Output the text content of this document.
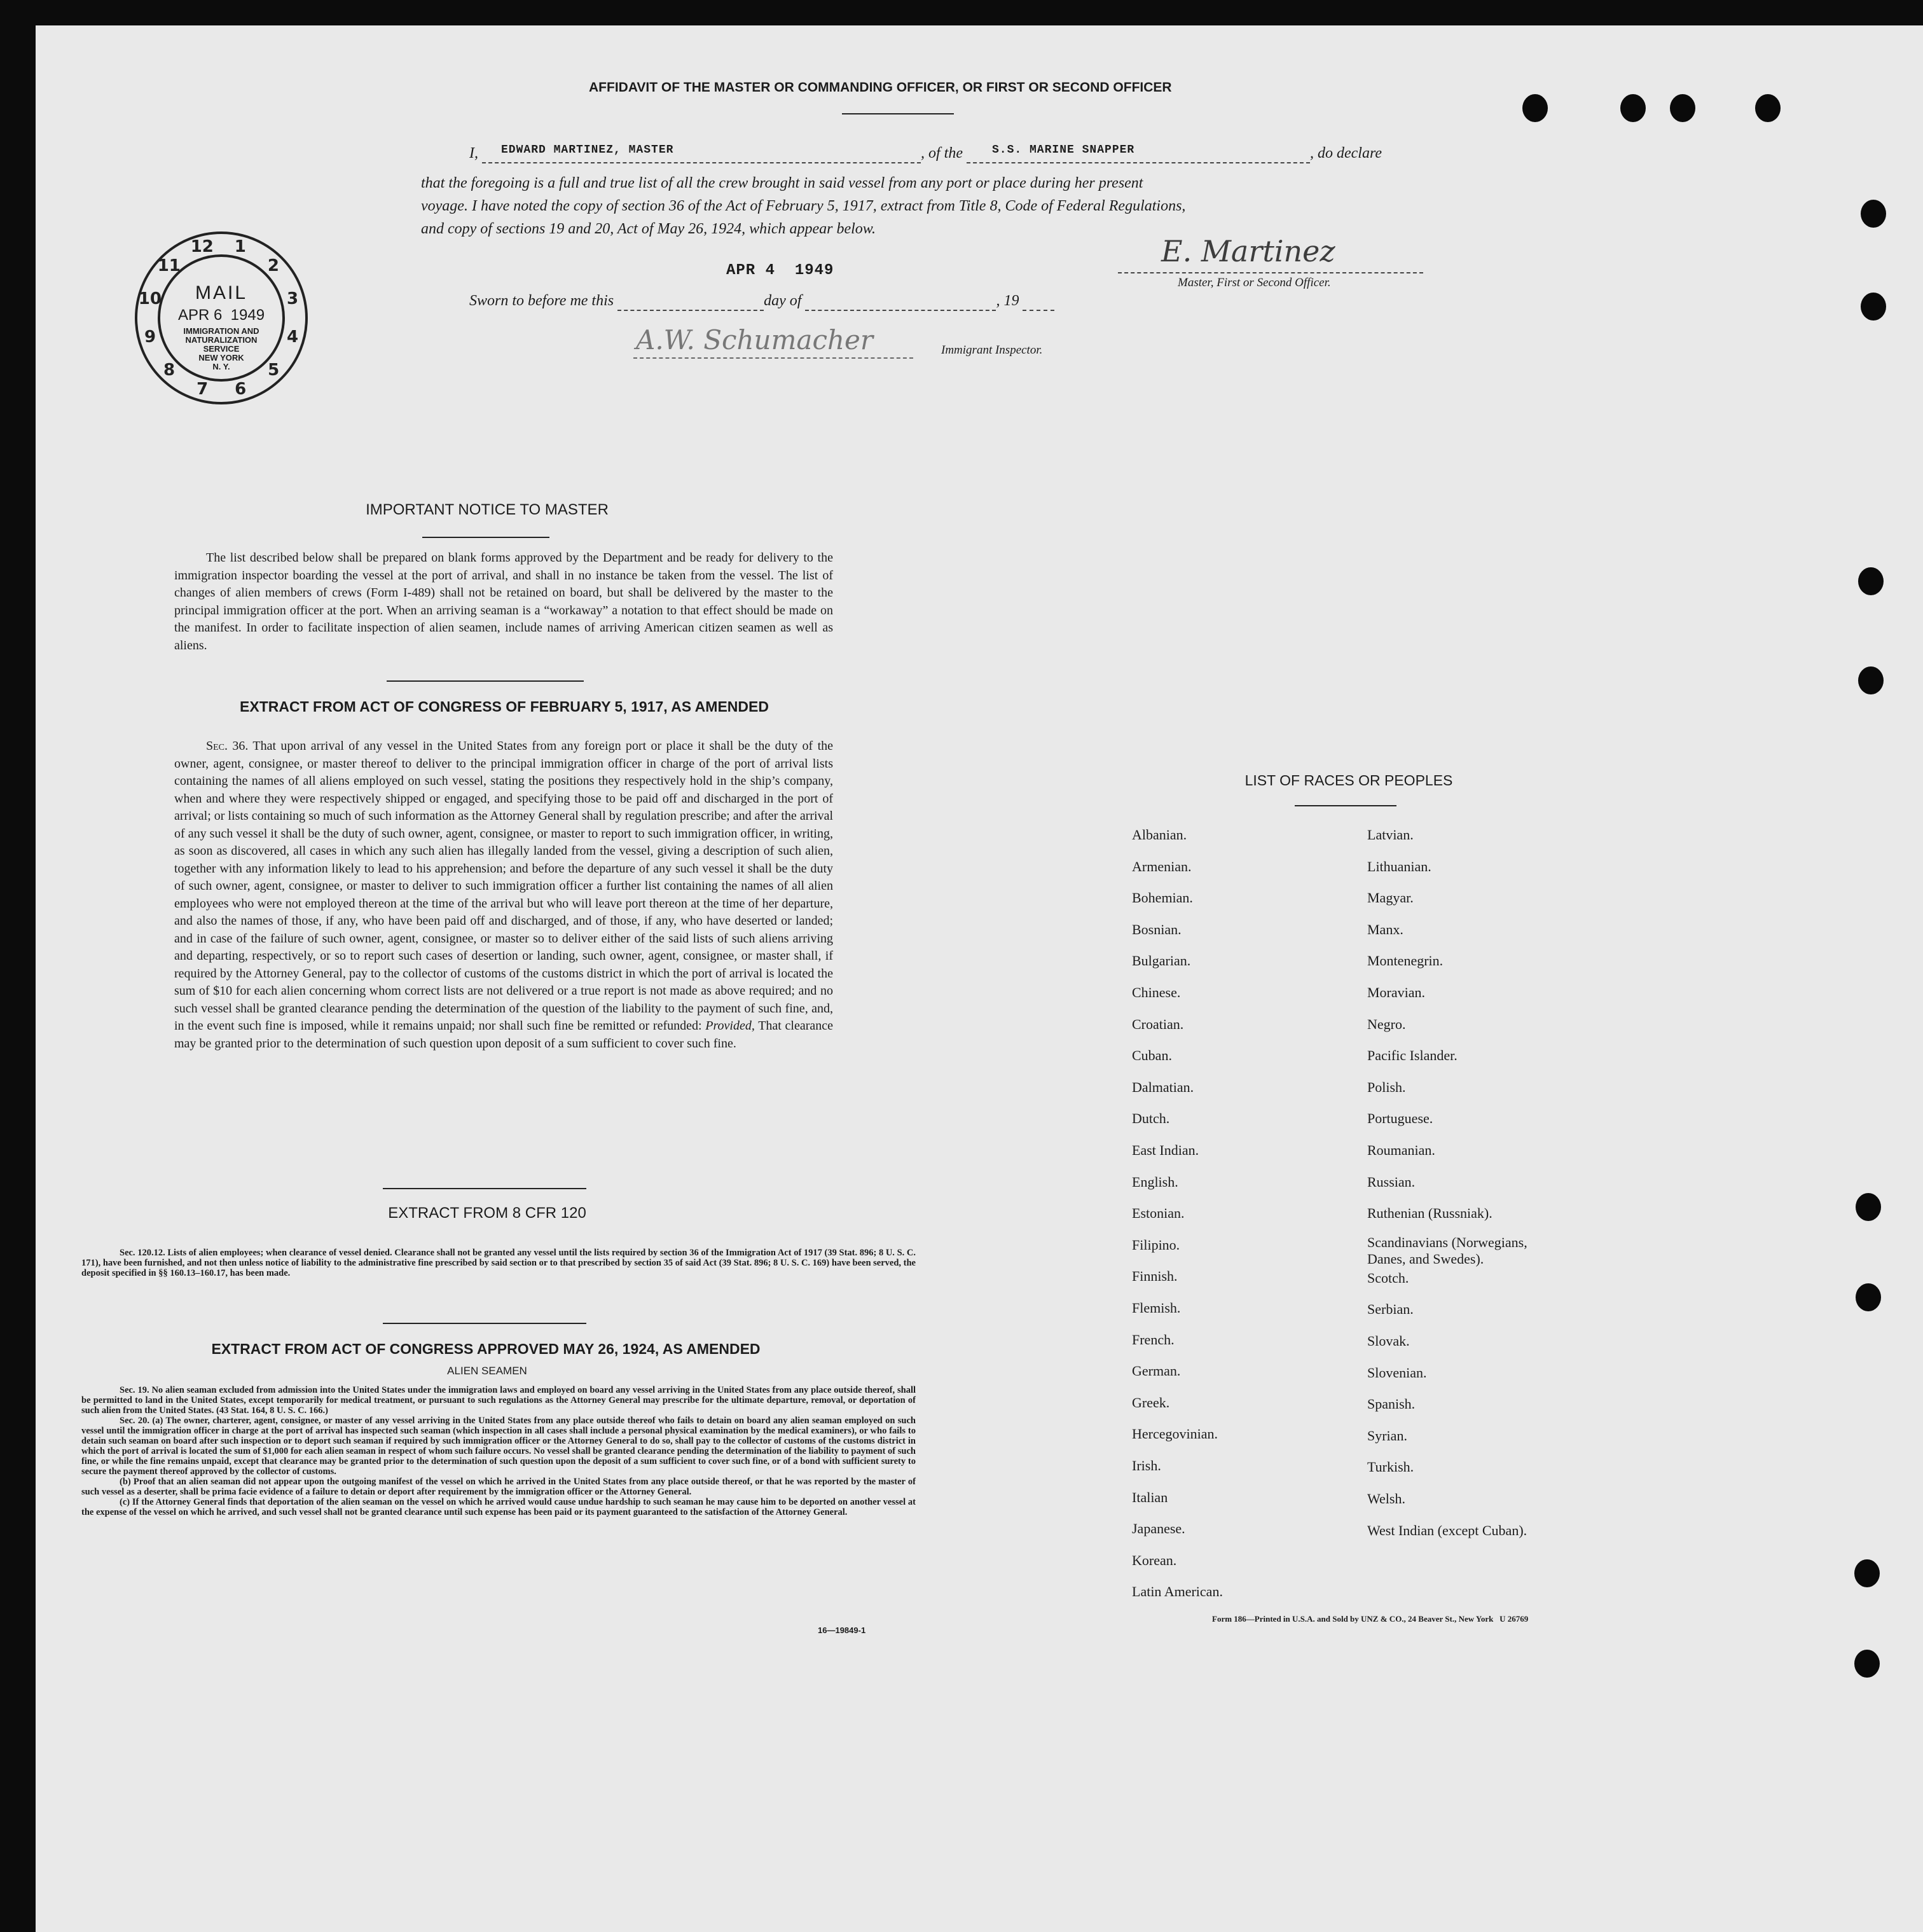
AFFIDAVIT OF THE MASTER OR COMMANDING OFFICER, OR FIRST OR SECOND OFFICER
I, EDWARD MARTINEZ, MASTER	, of the	S.S. MARINE SNAPPER	, do declare
that the foregoing is a full and true list of all the crew brought in said vessel from any port or place during her present
voyage. I have noted the copy of section 36 of the Act of February 5, 1917, extract from Title 8, Code of Federal Regulations,
and copy of sections 19 and 20, Act of May 26, 1924, which appear below.
APR 4  1949
E. Martinez
Master, First or Second Officer.
Sworn to before me this	day of	, 19
A.W. Schumacher	Immigrant Inspector.
1
2
3
4
5
6
7
8
9
10
11
12
MAIL
APR 6  1949
IMMIGRATION AND
NATURALIZATION
SERVICE
NEW YORK
N. Y.
IMPORTANT NOTICE TO MASTER

The list described below shall be prepared on blank forms approved by the Department and be ready for delivery to the immigration inspector boarding the vessel at the port of arrival, and shall in no instance be taken from the vessel. The list of changes of alien members of crews (Form I-489) shall not be retained on board, but shall be delivered by the master to the principal immigration officer at the port. When an arriving seaman is a “workaway” a notation to that effect should be made on the manifest. In order to facilitate inspection of alien seamen, include names of arriving American citizen seamen as well as aliens.

EXTRACT FROM ACT OF CONGRESS OF FEBRUARY 5, 1917, AS AMENDED

Sec. 36. That upon arrival of any vessel in the United States from any foreign port or place it shall be the duty of the owner, agent, consignee, or master thereof to deliver to the principal immigration officer in charge of the port of arrival lists containing the names of all aliens employed on such vessel, stating the positions they respectively hold in the ship’s company, when and where they were respectively shipped or engaged, and specifying those to be paid off and discharged in the port of arrival; or lists containing so much of such information as the Attorney General shall by regulation prescribe; and after the arrival of any such vessel it shall be the duty of such owner, agent, consignee, or master to report to such immigration officer, in writing, as soon as discovered, all cases in which any such alien has illegally landed from the vessel, giving a description of such alien, together with any information likely to lead to his apprehension; and before the departure of any such vessel it shall be the duty of such owner, agent, consignee, or master to deliver to such immigration officer a further list containing the names of all alien employees who were not employed thereon at the time of the arrival but who will leave port thereon at the time of her departure, and also the names of those, if any, who have been paid off and discharged, and of those, if any, who have deserted or landed; and in case of the failure of such owner, agent, consignee, or master so to deliver either of the said lists of such aliens arriving and departing, respectively, or so to report such cases of desertion or landing, such owner, agent, consignee, or master shall, if required by the Attorney General, pay to the collector of customs of the customs district in which the port of arrival is located the sum of $10 for each alien concerning whom correct lists are not delivered or a true report is not made as above required; and no such vessel shall be granted clearance pending the determination of the question of the liability to the payment of such fine, and, in the event such fine is imposed, while it remains unpaid; nor shall such fine be remitted or refunded: Provided, That clearance may be granted prior to the determination of such question upon deposit of a sum sufficient to cover such fine.

EXTRACT FROM 8 CFR 120

Sec. 120.12. Lists of alien employees; when clearance of vessel denied. Clearance shall not be granted any vessel until the lists required by section 36 of the Immigration Act of 1917 (39 Stat. 896; 8 U. S. C. 171), have been furnished, and not then unless notice of liability to the administrative fine prescribed by said section or to that prescribed by section 35 of said Act (39 Stat. 896; 8 U. S. C. 169) have been served, the deposit specified in §§ 160.13–160.17, has been made.

EXTRACT FROM ACT OF CONGRESS APPROVED MAY 26, 1924, AS AMENDED
ALIEN SEAMEN

Sec. 19. No alien seaman excluded from admission into the United States under the immigration laws and employed on board any vessel arriving in the United States from any place outside thereof, shall be permitted to land in the United States, except temporarily for medical treatment, or pursuant to such regulations as the Attorney General may prescribe for the ultimate departure, removal, or deportation of such alien from the United States. (43 Stat. 164, 8 U. S. C. 166.)

Sec. 20. (a) The owner, charterer, agent, consignee, or master of any vessel arriving in the United States from any place outside thereof who fails to detain on board any alien seaman employed on such vessel until the immigration officer in charge at the port of arrival has inspected such seaman (which inspection in all cases shall include a personal physical examination by the medical examiners), or who fails to detain such seaman on board after such inspection or to deport such seaman if required by such immigration officer or the Attorney General to do so, shall pay to the collector of customs of the customs district in which the port of arrival is located the sum of $1,000 for each alien seaman in respect of whom such failure occurs. No vessel shall be granted clearance pending the determination of the liability to payment of such fine, or while the fine remains unpaid, except that clearance may be granted prior to the determination of such question upon the deposit of a sum sufficient to cover such fine, or of a bond with sufficient surety to secure the payment thereof approved by the collector of customs.

(b) Proof that an alien seaman did not appear upon the outgoing manifest of the vessel on which he arrived in the United States from any place outside thereof, or that he was reported by the master of such vessel as a deserter, shall be prima facie evidence of a failure to detain or deport after requirement by the immigration officer or the Attorney General.

(c) If the Attorney General finds that deportation of the alien seaman on the vessel on which he arrived would cause undue hardship to such seaman he may cause him to be deported on another vessel at the expense of the vessel on which he arrived, and such vessel shall not be granted clearance until such expense has been paid or its payment guaranteed to the satisfaction of the Attorney General.

16—19849-1
LIST OF RACES OR PEOPLES
Albanian.
Armenian.
Bohemian.
Bosnian.
Bulgarian.
Chinese.
Croatian.
Cuban.
Dalmatian.
Dutch.
East Indian.
English.
Estonian.
Filipino.
Finnish.
Flemish.
French.
German.
Greek.
Hercegovinian.
Irish.
Italian
Japanese.
Korean.
Latin American.
Latvian.
Lithuanian.
Magyar.
Manx.
Montenegrin.
Moravian.
Negro.
Pacific Islander.
Polish.
Portuguese.
Roumanian.
Russian.
Ruthenian (Russniak).
Scandinavians (Norwegians, Danes, and Swedes).
Scotch.
Serbian.
Slovak.
Slovenian.
Spanish.
Syrian.
Turkish.
Welsh.
West Indian (except Cuban).
Form 186—Printed in U.S.A. and Sold by UNZ & CO., 24 Beaver St., New York   U 26769
